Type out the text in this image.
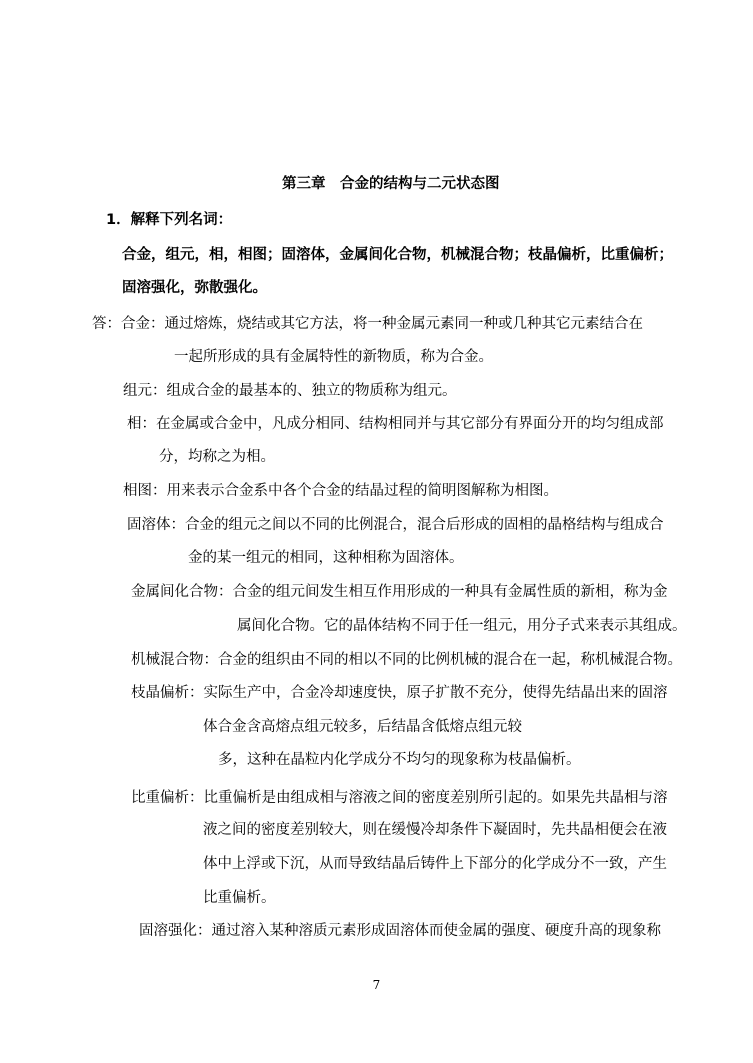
第三章　合金的结构与二元状态图
1．解释下列名词：
合金，组元，相，相图；固溶体，金属间化合物，机械混合物；枝晶偏析，比重偏析；
固溶强化，弥散强化。
答：合金：通过熔炼，烧结或其它方法，将一种金属元素同一种或几种其它元素结合在
一起所形成的具有金属特性的新物质，称为合金。
组元：组成合金的最基本的、独立的物质称为组元。
相：在金属或合金中，凡成分相同、结构相同并与其它部分有界面分开的均匀组成部
分，均称之为相。
相图：用来表示合金系中各个合金的结晶过程的简明图解称为相图。
固溶体：合金的组元之间以不同的比例混合，混合后形成的固相的晶格结构与组成合
金的某一组元的相同，这种相称为固溶体。
金属间化合物：合金的组元间发生相互作用形成的一种具有金属性质的新相，称为金
属间化合物。它的晶体结构不同于任一组元，用分子式来表示其组成。
机械混合物：合金的组织由不同的相以不同的比例机械的混合在一起，称机械混合物。
枝晶偏析：实际生产中，合金冷却速度快，原子扩散不充分，使得先结晶出来的固溶
体合金含高熔点组元较多，后结晶含低熔点组元较
多，这种在晶粒内化学成分不均匀的现象称为枝晶偏析。
比重偏析：比重偏析是由组成相与溶液之间的密度差别所引起的。如果先共晶相与溶
液之间的密度差别较大，则在缓慢冷却条件下凝固时，先共晶相便会在液
体中上浮或下沉，从而导致结晶后铸件上下部分的化学成分不一致，产生
比重偏析。
固溶强化：通过溶入某种溶质元素形成固溶体而使金属的强度、硬度升高的现象称
7
